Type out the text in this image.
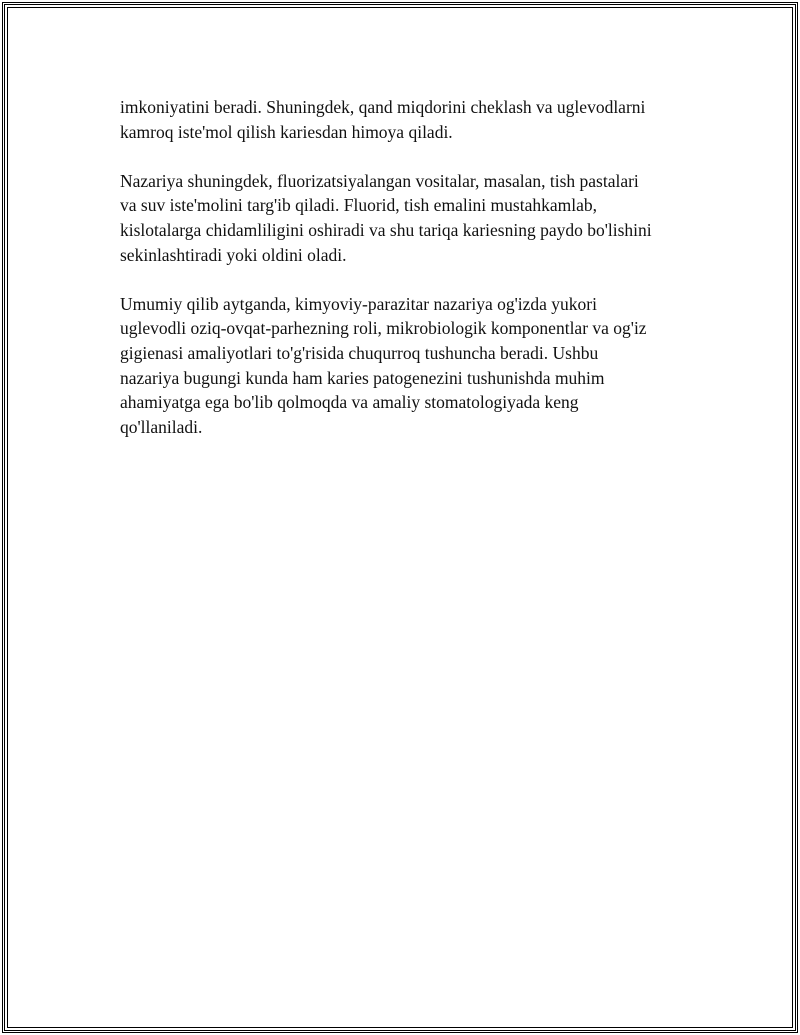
imkoniyatini beradi. Shuningdek, qand miqdorini cheklash va uglevodlarni
kamroq iste'mol qilish kariesdan himoya qiladi.

Nazariya shuningdek, fluorizatsiyalangan vositalar, masalan, tish pastalari
va suv iste'molini targ'ib qiladi. Fluorid, tish emalini mustahkamlab,
kislotalarga chidamliligini oshiradi va shu tariqa kariesning paydo bo'lishini
sekinlashtiradi yoki oldini oladi.

Umumiy qilib aytganda, kimyoviy-parazitar nazariya og'izda yukori
uglevodli oziq-ovqat-parhezning roli, mikrobiologik komponentlar va og'iz
gigienasi amaliyotlari to'g'risida chuqurroq tushuncha beradi. Ushbu
nazariya bugungi kunda ham karies patogenezini tushunishda muhim
ahamiyatga ega bo'lib qolmoqda va amaliy stomatologiyada keng
qo'llaniladi.
